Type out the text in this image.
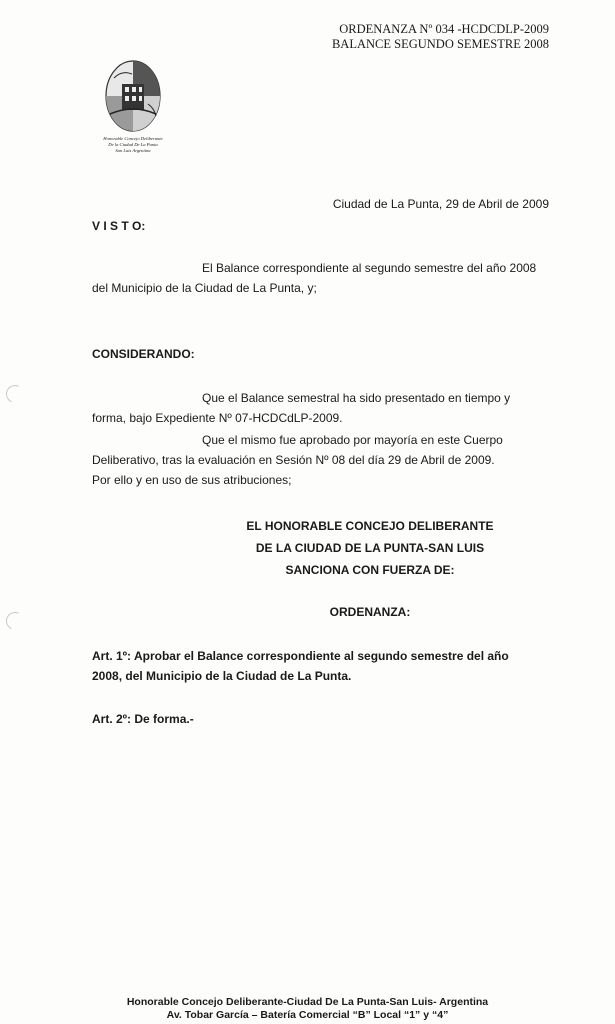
ORDENANZA Nº 034 -HCDCDLP-2009
BALANCE SEGUNDO SEMESTRE 2008
Honorable Concejo Deliberante
De la Ciudad De La Punta
San Luis Argentina
Ciudad de La Punta, 29 de Abril de 2009
V I S T O:
El Balance correspondiente al segundo semestre del año 2008
del Municipio de la Ciudad de La Punta, y;
CONSIDERANDO:
Que el Balance semestral ha sido presentado en tiempo y
forma, bajo Expediente Nº 07-HCDCdLP-2009.
Que el mismo fue aprobado por mayoría en este Cuerpo
Deliberativo, tras la evaluación en Sesión Nº 08 del día 29 de Abril de 2009.
Por ello y en uso de sus atribuciones;
EL HONORABLE CONCEJO DELIBERANTE
DE LA CIUDAD DE LA PUNTA-SAN LUIS
SANCIONA CON FUERZA DE:
ORDENANZA:
Art. 1º: Aprobar el Balance correspondiente al segundo semestre del año
2008, del Municipio de la Ciudad de La Punta.
Art. 2º: De forma.-
Honorable Concejo Deliberante-Ciudad De La Punta-San Luis- Argentina
Av. Tobar García – Batería Comercial “B” Local “1” y “4”
